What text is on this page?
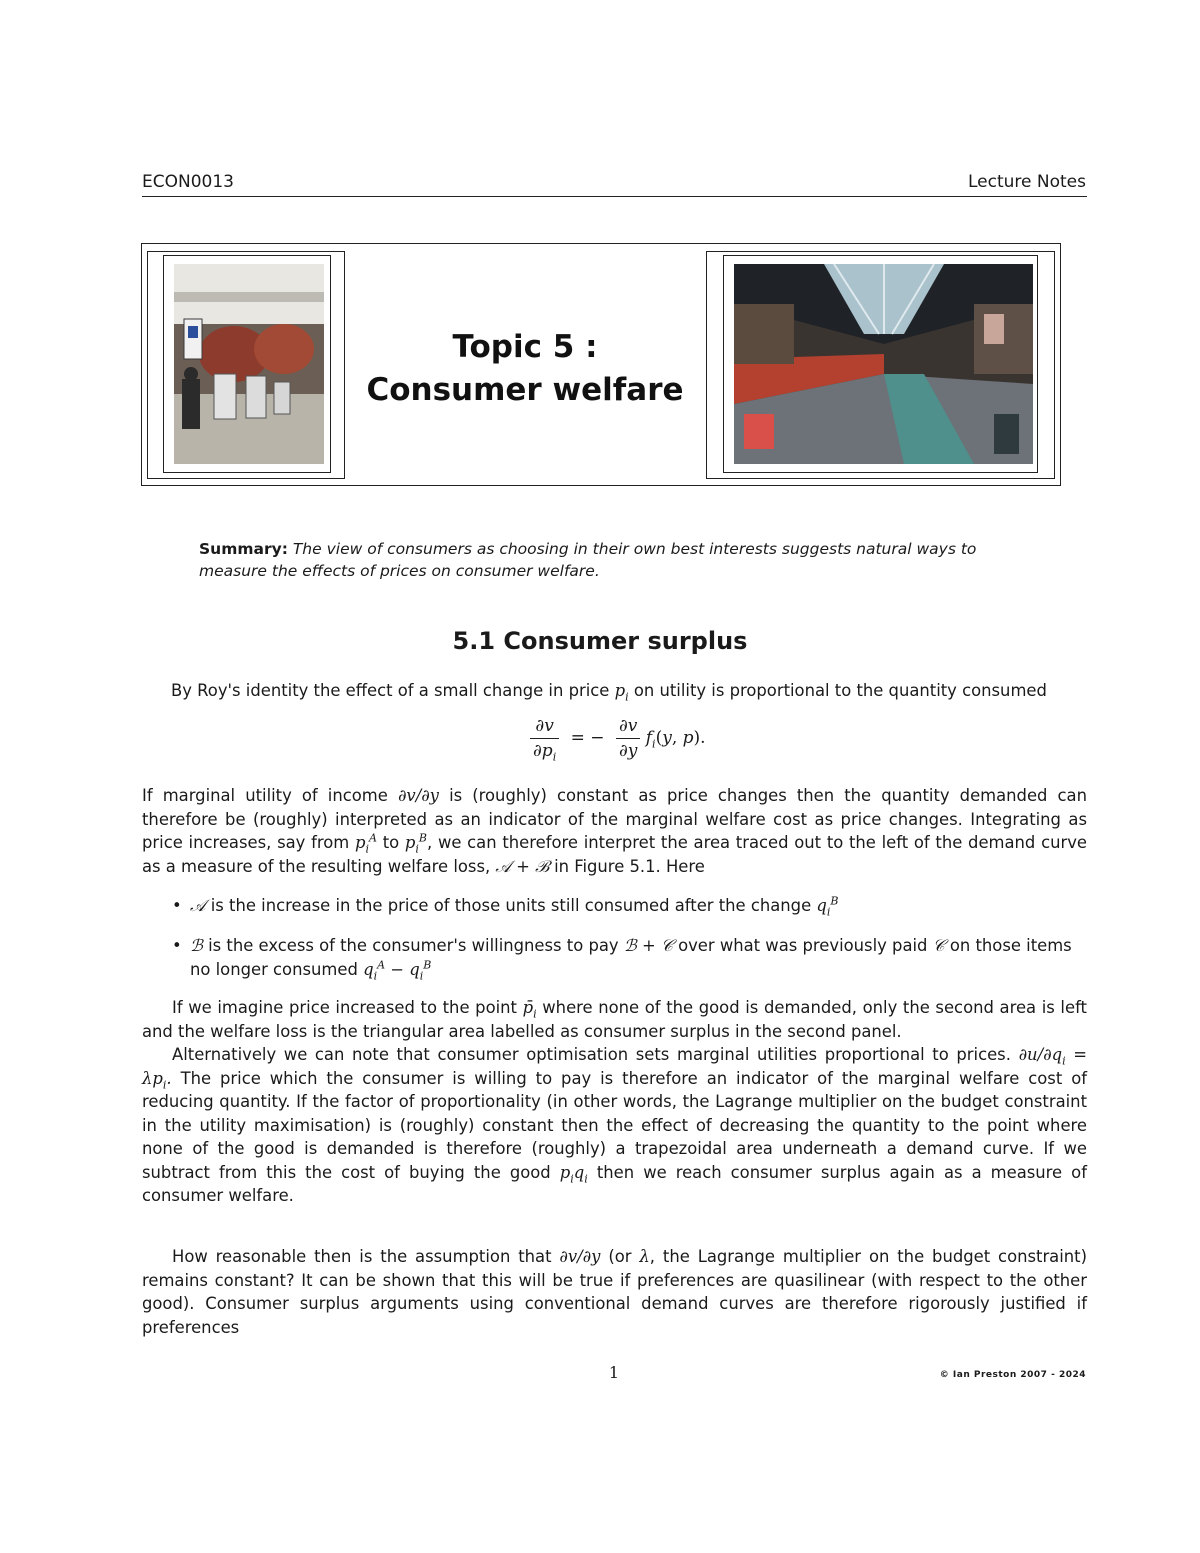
ECON0013	Lecture Notes
Topic 5 : Consumer welfare
Summary: The view of consumers as choosing in their own best interests suggests natural ways to measure the effects of prices on consumer welfare.
5.1 Consumer surplus
By Roy's identity the effect of a small change in price $p_i$ on utility is proportional to the quantity consumed
$\frac{\partial v}{\partial p_i}$ = − $\frac{\partial v}{\partial y} f_i(y$, p).
If marginal utility of income ∂v/∂y is (roughly) constant as price changes then the quantity demanded can therefore be (roughly) interpreted as an indicator of the marginal welfare cost as price changes. Integrating as price increases, say from $p_i^A$ to $p_i^B$, we can therefore interpret the area traced out to the left of the demand curve as a measure of the resulting welfare loss, 𝒜 + ℬ in Figure 5.1. Here
• 𝒜 is the increase in the price of those units still consumed after the change $q_i^B$
• ℬ is the excess of the consumer's willingness to pay ℬ + 𝒞 over what was previously paid 𝒞 on those items no longer consumed $q_i^A - q_i^B$
If we imagine price increased to the point $p̄_i$ where none of the good is demanded, only the second area is left and the welfare loss is the triangular area labelled as consumer surplus in the second panel.
Alternatively we can note that consumer optimisation sets marginal utilities proportional to prices. $\partial u/\partial q_i = \lambda p_i$. The price which the consumer is willing to pay is therefore an indicator of the marginal welfare cost of reducing quantity. If the factor of proportionality (in other words, the Lagrange multiplier on the budget constraint in the utility maximisation) is (roughly) constant then the effect of decreasing the quantity to the point where none of the good is demanded is therefore (roughly) a trapezoidal area underneath a demand curve. If we subtract from this the cost of buying the good $p_iq_i$ then we reach consumer surplus again as a measure of consumer welfare.
How reasonable then is the assumption that ∂v/∂y (or λ, the Lagrange multiplier on the budget constraint) remains constant? It can be shown that this will be true if preferences are quasilinear (with respect to the other good). Consumer surplus arguments using conventional demand curves are therefore rigorously justified if preferences
1	© Ian Preston 2007 - 2024
